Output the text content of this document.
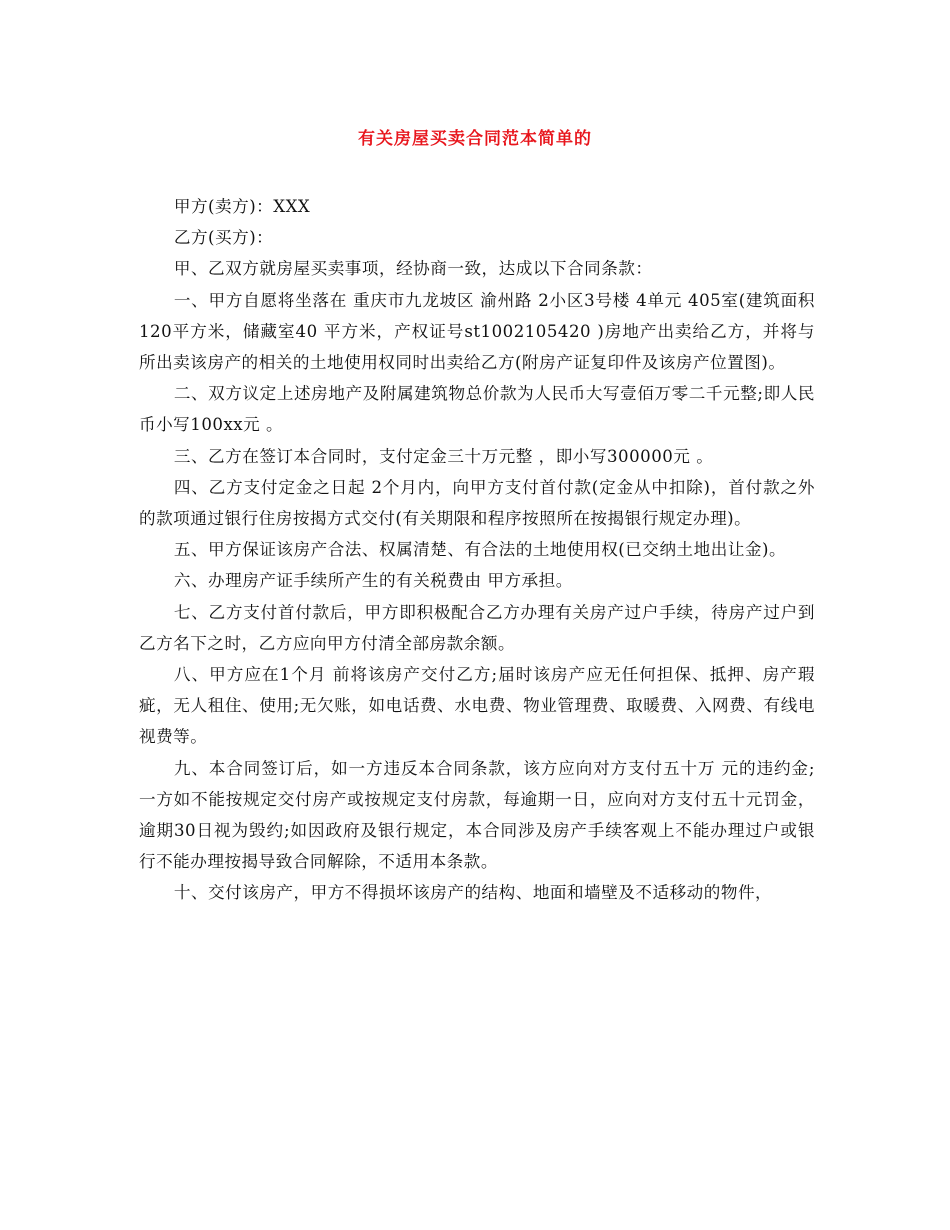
有关房屋买卖合同范本简单的

甲方(卖方)：XXX

乙方(买方)：

甲、乙双方就房屋买卖事项，经协商一致，达成以下合同条款：

一、甲方自愿将坐落在 重庆市九龙坡区 渝州路 2小区3号楼 4单元 405室(建筑面积120平方米，储藏室40 平方米，产权证号st1002105420 )房地产出卖给乙方，并将与所出卖该房产的相关的土地使用权同时出卖给乙方(附房产证复印件及该房产位置图)。

二、双方议定上述房地产及附属建筑物总价款为人民币大写壹佰万零二千元整;即人民币小写100xx元 。

三、乙方在签订本合同时，支付定金三十万元整 ，即小写300000元 。

四、乙方支付定金之日起 2个月内，向甲方支付首付款(定金从中扣除)，首付款之外的款项通过银行住房按揭方式交付(有关期限和程序按照所在按揭银行规定办理)。

五、甲方保证该房产合法、权属清楚、有合法的土地使用权(已交纳土地出让金)。

六、办理房产证手续所产生的有关税费由 甲方承担。

七、乙方支付首付款后，甲方即积极配合乙方办理有关房产过户手续，待房产过户到乙方名下之时，乙方应向甲方付清全部房款余额。

八、甲方应在1个月 前将该房产交付乙方;届时该房产应无任何担保、抵押、房产瑕疵，无人租住、使用;无欠账，如电话费、水电费、物业管理费、取暖费、入网费、有线电视费等。

九、本合同签订后，如一方违反本合同条款，该方应向对方支付五十万 元的违约金;一方如不能按规定交付房产或按规定支付房款，每逾期一日，应向对方支付五十元罚金，逾期30日视为毁约;如因政府及银行规定，本合同涉及房产手续客观上不能办理过户或银行不能办理按揭导致合同解除，不适用本条款。

十、交付该房产，甲方不得损坏该房产的结构、地面和墙壁及不适移动的物件，
